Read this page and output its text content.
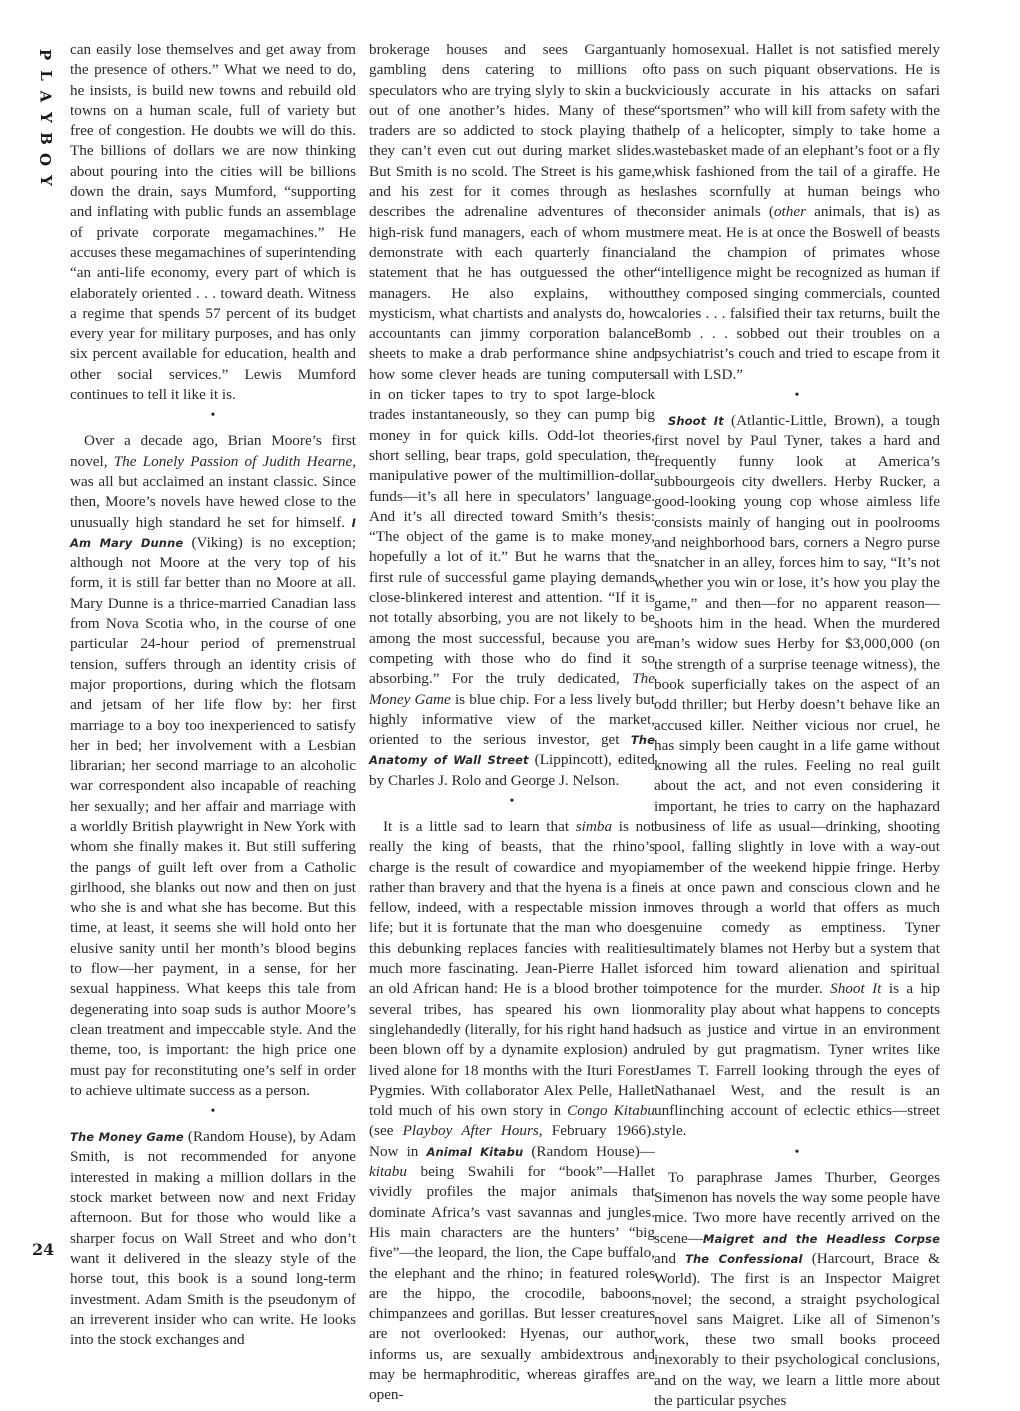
P
L
A
Y
B
O
Y
24

can easily lose themselves and get away from the presence of others.” What we need to do, he insists, is build new towns and rebuild old towns on a human scale, full of variety but free of congestion. He doubts we will do this. The billions of dollars we are now thinking about pouring into the cities will be billions down the drain, says Mumford, “supporting and inflating with public funds an assemblage of private corporate megamachines.” He accuses these megamachines of superintending “an anti-life economy, every part of which is elaborately oriented . . . toward death. Witness a regime that spends 57 percent of its budget every year for military purposes, and has only six percent available for education, health and other social services.” Lewis Mumford continues to tell it like it is.

•

Over a decade ago, Brian Moore’s first novel, The Lonely Passion of Judith Hearne, was all but acclaimed an instant classic. Since then, Moore’s novels have hewed close to the unusually high standard he set for himself. I Am Mary Dunne (Viking) is no exception; although not Moore at the very top of his form, it is still far better than no Moore at all. Mary Dunne is a thrice-married Canadian lass from Nova Scotia who, in the course of one particular 24-hour period of premenstrual tension, suffers through an identity crisis of major proportions, during which the flotsam and jetsam of her life flow by: her first marriage to a boy too inexperienced to satisfy her in bed; her involvement with a Lesbian librarian; her second marriage to an alcoholic war correspondent also incapable of reaching her sexually; and her affair and marriage with a worldly British playwright in New York with whom she finally makes it. But still suffering the pangs of guilt left over from a Catholic girlhood, she blanks out now and then on just who she is and what she has become. But this time, at least, it seems she will hold onto her elusive sanity until her month’s blood begins to flow—her payment, in a sense, for her sexual happiness. What keeps this tale from degenerating into soap suds is author Moore’s clean treatment and impeccable style. And the theme, too, is important: the high price one must pay for reconstituting one’s self in order to achieve ultimate success as a person.

•

The Money Game (Random House), by Adam Smith, is not recommended for anyone interested in making a million dollars in the stock market between now and next Friday afternoon. But for those who would like a sharper focus on Wall Street and who don’t want it delivered in the sleazy style of the horse tout, this book is a sound long-term investment. Adam Smith is the pseudonym of an irreverent insider who can write. He looks into the stock exchanges and

brokerage houses and sees Gargantuan gambling dens catering to millions of speculators who are trying slyly to skin a buck out of one another’s hides. Many of these traders are so addicted to stock playing that they can’t even cut out during market slides. But Smith is no scold. The Street is his game, and his zest for it comes through as he describes the adrenaline adventures of the high-risk fund managers, each of whom must demonstrate with each quarterly financial statement that he has outguessed the other managers. He also explains, without mysticism, what chartists and analysts do, how accountants can jimmy corporation balance sheets to make a drab performance shine and how some clever heads are tuning computers in on ticker tapes to try to spot large-block trades instantaneously, so they can pump big money in for quick kills. Odd-lot theories, short selling, bear traps, gold speculation, the manipulative power of the multimillion-dollar funds—it’s all here in speculators’ language. And it’s all directed toward Smith’s thesis: “The object of the game is to make money, hopefully a lot of it.” But he warns that the first rule of successful game playing demands close-blinkered interest and attention. “If it is not totally absorbing, you are not likely to be among the most successful, because you are competing with those who do find it so absorbing.” For the truly dedicated, The Money Game is blue chip. For a less lively but highly informative view of the market, oriented to the serious investor, get The Anatomy of Wall Street (Lippincott), edited by Charles J. Rolo and George J. Nelson.

•

It is a little sad to learn that simba is not really the king of beasts, that the rhino’s charge is the result of cowardice and myopia rather than bravery and that the hyena is a fine fellow, indeed, with a respectable mission in life; but it is fortunate that the man who does this debunking replaces fancies with realities much more fascinating. Jean-Pierre Hallet is an old African hand: He is a blood brother to several tribes, has speared his own lion singlehandedly (literally, for his right hand had been blown off by a dynamite explosion) and lived alone for 18 months with the Ituri Forest Pygmies. With collaborator Alex Pelle, Hallet told much of his own story in Congo Kitabu (see Playboy After Hours, February 1966). Now in Animal Kitabu (Random House)—kitabu being Swahili for “book”—Hallet vividly profiles the major animals that dominate Africa’s vast savannas and jungles. His main characters are the hunters’ “big five”—the leopard, the lion, the Cape buffalo, the elephant and the rhino; in featured roles are the hippo, the crocodile, baboons, chimpanzees and gorillas. But lesser creatures are not overlooked: Hyenas, our author informs us, are sexually ambidextrous and may be hermaphroditic, whereas giraffes are open-

ly homosexual. Hallet is not satisfied merely to pass on such piquant observations. He is viciously accurate in his attacks on safari “sportsmen” who will kill from safety with the help of a helicopter, simply to take home a wastebasket made of an elephant’s foot or a fly whisk fashioned from the tail of a giraffe. He slashes scornfully at human beings who consider animals (other animals, that is) as mere meat. He is at once the Boswell of beasts and the champion of primates whose “intelligence might be recognized as human if they composed singing commercials, counted calories . . . falsified their tax returns, built the Bomb . . . sobbed out their troubles on a psychiatrist’s couch and tried to escape from it all with LSD.”

•

Shoot It (Atlantic-Little, Brown), a tough first novel by Paul Tyner, takes a hard and frequently funny look at America’s subbourgeois city dwellers. Herby Rucker, a good-looking young cop whose aimless life consists mainly of hanging out in poolrooms and neighborhood bars, corners a Negro purse snatcher in an alley, forces him to say, “It’s not whether you win or lose, it’s how you play the game,” and then—for no apparent reason—shoots him in the head. When the murdered man’s widow sues Herby for $3,000,000 (on the strength of a surprise teenage witness), the book superficially takes on the aspect of an odd thriller; but Herby doesn’t behave like an accused killer. Neither vicious nor cruel, he has simply been caught in a life game without knowing all the rules. Feeling no real guilt about the act, and not even considering it important, he tries to carry on the haphazard business of life as usual—drinking, shooting pool, falling slightly in love with a way-out member of the weekend hippie fringe. Herby is at once pawn and conscious clown and he moves through a world that offers as much genuine comedy as emptiness. Tyner ultimately blames not Herby but a system that forced him toward alienation and spiritual impotence for the murder. Shoot It is a hip morality play about what happens to concepts such as justice and virtue in an environment ruled by gut pragmatism. Tyner writes like James T. Farrell looking through the eyes of Nathanael West, and the result is an unflinching account of eclectic ethics—street style.

•

To paraphrase James Thurber, Georges Simenon has novels the way some people have mice. Two more have recently arrived on the scene—Maigret and the Headless Corpse and The Confessional (Harcourt, Brace & World). The first is an Inspector Maigret novel; the second, a straight psychological novel sans Maigret. Like all of Simenon’s work, these two small books proceed inexorably to their psychological conclusions, and on the way, we learn a little more about the particular psyches
